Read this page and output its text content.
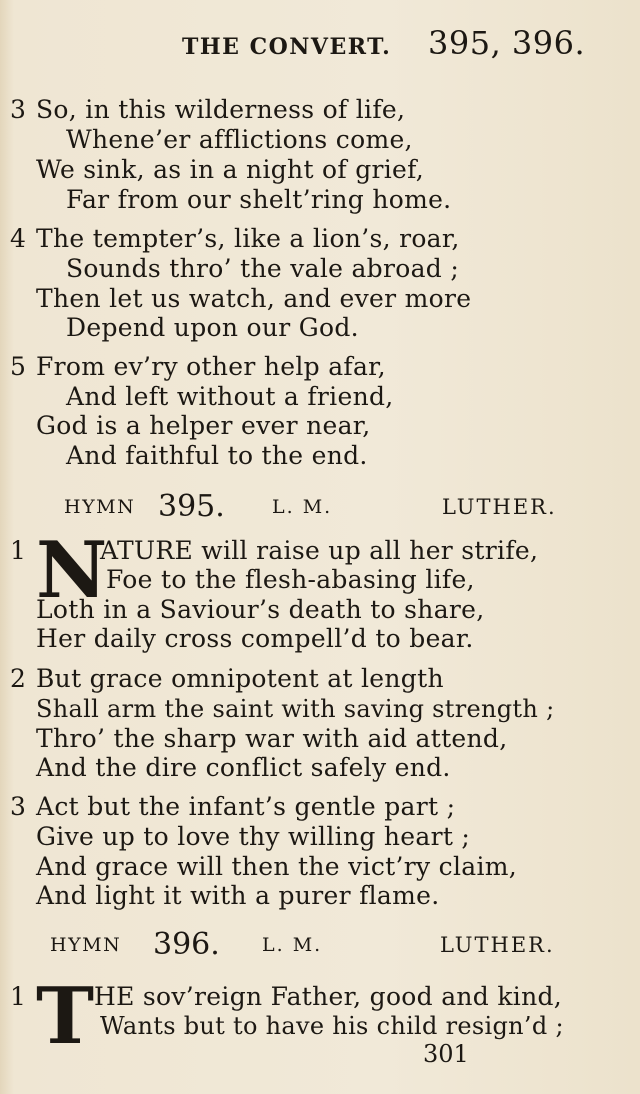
THE CONVERT. 395, 396.
3 So, in this wilderness of life,
Whene’er afflictions come,
We sink, as in a night of grief,
Far from our shelt’ring home.
4 The tempter’s, like a lion’s, roar,
Sounds thro’ the vale abroad ;
Then let us watch, and ever more
Depend upon our God.
5 From ev’ry other help afar,
And left without a friend,
God is a helper ever near,
And faithful to the end.
HYMN 395. L. M.	LUTHER.
1 N
ATURE will raise up all her strife,
Foe to the flesh-abasing life,
Loth in a Saviour’s death to share,
Her daily cross compell’d to bear.
2 But grace omnipotent at length
Shall arm the saint with saving strength ;
Thro’ the sharp war with aid attend,
And the dire conflict safely end.
3 Act but the infant’s gentle part ;
Give up to love thy willing heart ;
And grace will then the vict’ry claim,
And light it with a purer flame.
HYMN 396. L. M.	LUTHER.
1 T HE sov’reign Father, good and kind,
Wants but to have his child resign’d ;
301
